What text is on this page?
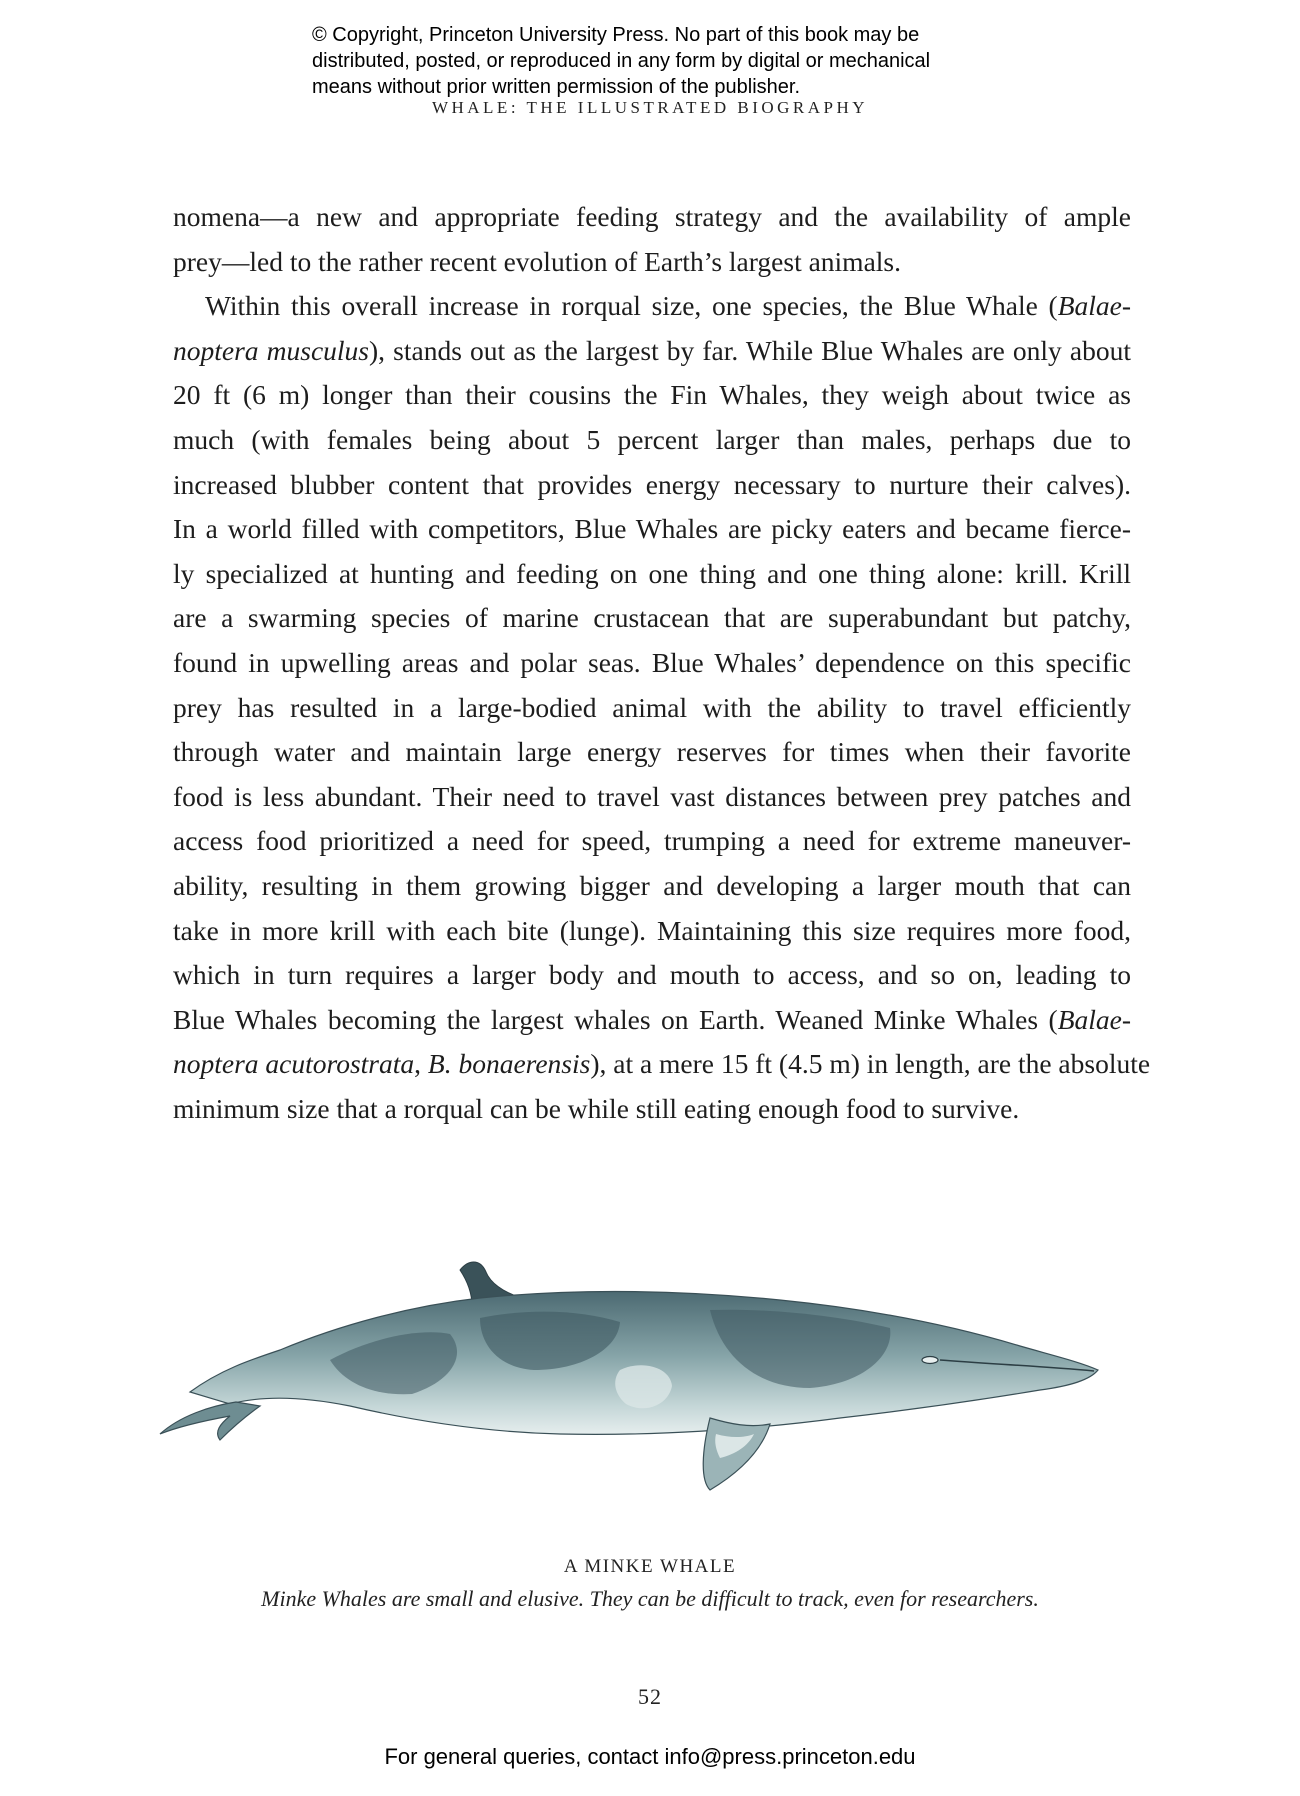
© Copyright, Princeton University Press. No part of this book may be
distributed, posted, or reproduced in any form by digital or mechanical
means without prior written permission of the publisher.
WHALE: THE ILLUSTRATED BIOGRAPHY
nomena—a new and appropriate feeding strategy and the availability of ample
prey—led to the rather recent evolution of Earth’s largest animals.
Within this overall increase in rorqual size, one species, the Blue Whale (Balae-
noptera musculus), stands out as the largest by far. While Blue Whales are only about
20 ft (6 m) longer than their cousins the Fin Whales, they weigh about twice as
much (with females being about 5 percent larger than males, perhaps due to
increased blubber content that provides energy necessary to nurture their calves).
In a world filled with competitors, Blue Whales are picky eaters and became fierce-
ly specialized at hunting and feeding on one thing and one thing alone: krill. Krill
are a swarming species of marine crustacean that are superabundant but patchy,
found in upwelling areas and polar seas. Blue Whales’ dependence on this specific
prey has resulted in a large-bodied animal with the ability to travel efficiently
through water and maintain large energy reserves for times when their favorite
food is less abundant. Their need to travel vast distances between prey patches and
access food prioritized a need for speed, trumping a need for extreme maneuver-
ability, resulting in them growing bigger and developing a larger mouth that can
take in more krill with each bite (lunge). Maintaining this size requires more food,
which in turn requires a larger body and mouth to access, and so on, leading to
Blue Whales becoming the largest whales on Earth. Weaned Minke Whales (Balae-
noptera acutorostrata, B. bonaerensis), at a mere 15 ft (4.5 m) in length, are the absolute
minimum size that a rorqual can be while still eating enough food to survive.
A MINKE WHALE
Minke Whales are small and elusive. They can be difficult to track, even for researchers.
52
For general queries, contact info@press.princeton.edu
